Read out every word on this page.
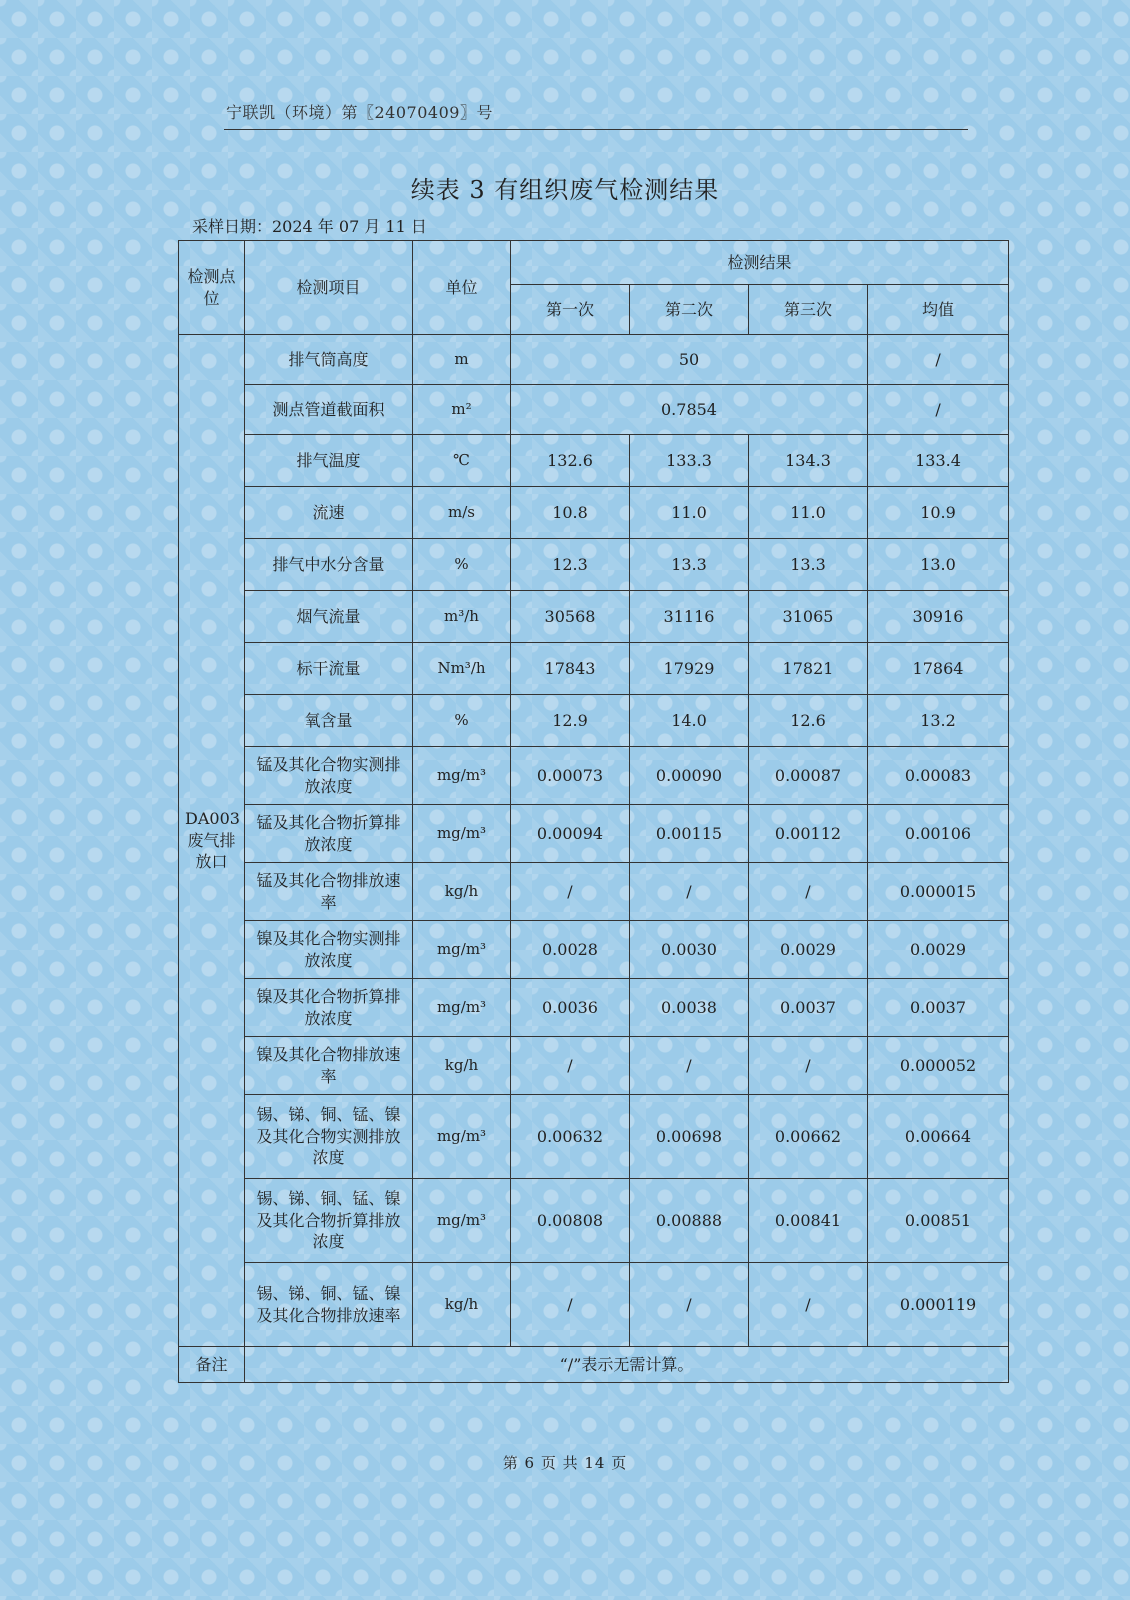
宁联凯（环境）第〖24070409〗号
续表 3 有组织废气检测结果
采样日期：2024 年 07 月 11 日
检测点位	检测项目	单位	检测结果			
			第一次	第二次	第三次	均值
DA003废气排放口	排气筒高度	m	50			/
	测点管道截面积	m²	0.7854			/
	排气温度	℃	132.6	133.3	134.3	133.4
	流速	m/s	10.8	11.0	11.0	10.9
	排气中水分含量	%	12.3	13.3	13.3	13.0
	烟气流量	m³/h	30568	31116	31065	30916
	标干流量	Nm³/h	17843	17929	17821	17864
	氧含量	%	12.9	14.0	12.6	13.2
	锰及其化合物实测排放浓度	mg/m³	0.00073	0.00090	0.00087	0.00083
	锰及其化合物折算排放浓度	mg/m³	0.00094	0.00115	0.00112	0.00106
	锰及其化合物排放速率	kg/h	/	/	/	0.000015
	镍及其化合物实测排放浓度	mg/m³	0.0028	0.0030	0.0029	0.0029
	镍及其化合物折算排放浓度	mg/m³	0.0036	0.0038	0.0037	0.0037
	镍及其化合物排放速率	kg/h	/	/	/	0.000052
	锡、锑、铜、锰、镍及其化合物实测排放浓度	mg/m³	0.00632	0.00698	0.00662	0.00664
	锡、锑、铜、锰、镍及其化合物折算排放浓度	mg/m³	0.00808	0.00888	0.00841	0.00851
	锡、锑、铜、锰、镍及其化合物排放速率	kg/h	/	/	/	0.000119
备注	“/”表示无需计算。					
第 6 页 共 14 页
